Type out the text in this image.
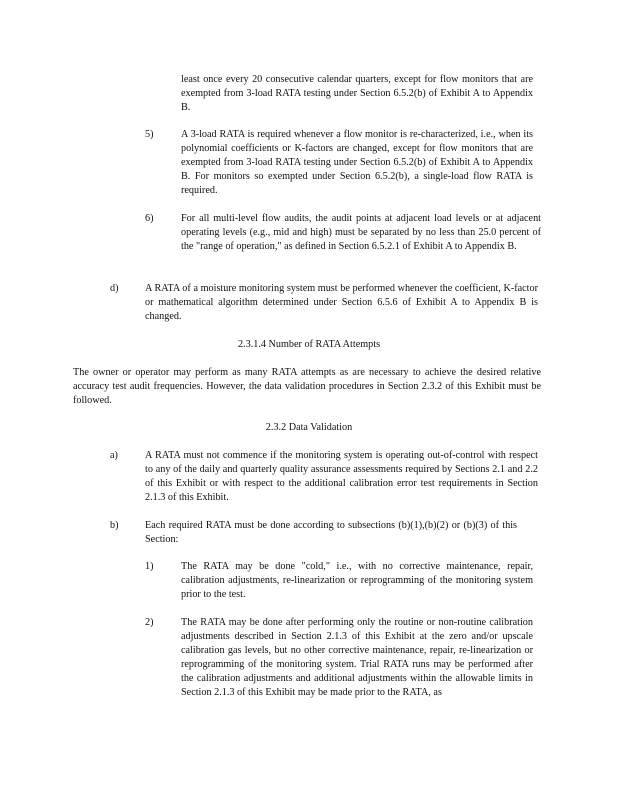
least once every 20 consecutive calendar quarters, except for flow monitors that are exempted from 3-load RATA testing under Section 6.5.2(b) of Exhibit A to Appendix B.

5)	A 3-load RATA is required whenever a flow monitor is re-characterized, i.e., when its polynomial coefficients or K-factors are changed, except for flow monitors that are exempted from 3-load RATA testing under Section 6.5.2(b) of Exhibit A to Appendix B. For monitors so exempted under Section 6.5.2(b), a single-load flow RATA is required.

6)	For all multi-level flow audits, the audit points at adjacent load levels or at adjacent operating levels (e.g., mid and high) must be separated by no less than 25.0 percent of the "range of operation," as defined in Section 6.5.2.1 of Exhibit A to Appendix B.

d)	A RATA of a moisture monitoring system must be performed whenever the coefficient, K-factor or mathematical algorithm determined under Section 6.5.6 of Exhibit A to Appendix B is changed.

2.3.1.4 Number of RATA Attempts

The owner or operator may perform as many RATA attempts as are necessary to achieve the desired relative accuracy test audit frequencies. However, the data validation procedures in Section 2.3.2 of this Exhibit must be followed.

2.3.2 Data Validation
a)	A RATA must not commence if the monitoring system is operating out-of-control with respect to any of the daily and quarterly quality assurance assessments required by Sections 2.1 and 2.2 of this Exhibit or with respect to the additional calibration error test requirements in Section 2.1.3 of this Exhibit.

b)	Each required RATA must be done according to subsections (b)(1),(b)(2) or (b)(3) of this Section:

1)	The RATA may be done "cold," i.e., with no corrective maintenance, repair, calibration adjustments, re-linearization or reprogramming of the monitoring system prior to the test.

2)	The RATA may be done after performing only the routine or non-routine calibration adjustments described in Section 2.1.3 of this Exhibit at the zero and/or upscale calibration gas levels, but no other corrective maintenance, repair, re-linearization or reprogramming of the monitoring system. Trial RATA runs may be performed after the calibration adjustments and additional adjustments within the allowable limits in Section 2.1.3 of this Exhibit may be made prior to the RATA, as
